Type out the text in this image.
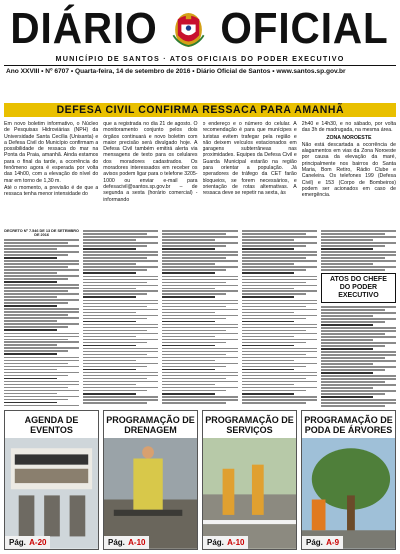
DIÁRIO OFICIAL
MUNICÍPIO DE SANTOS · ATOS OFICIAIS DO PODER EXECUTIVO
Ano XXVIII • Nº 6707 • Quarta-feira, 14 de setembro de 2016 • Diário Oficial de Santos • www.santos.sp.gov.br
DEFESA CIVIL CONFIRMA RESSACA PARA AMANHÃ

Em novo boletim informativo, o Núcleo de Pesquisas Hidroviárias (NPH) da Universidade Santa Cecília (Unisanta) e a Defesa Civil do Município confirmam a possibilidade de ressaca do mar na Ponta da Praia, amanhã. Ainda estamos para o final da tarde, a ocorrência do fenômeno agora é esperada por volta das 14h00, com a elevação do nível do mar em torno de 1,30 m.

Até o momento, a previsão é de que a ressaca tenha menor intensidade do

que a registrada no dia 21 de agosto. O monitoramento conjunto pelos dois órgãos continuará e novo boletim com maior precisão será divulgado hoje. A Defesa Civil também emitirá alerta via mensagens de texto para os celulares dos moradores cadastrados. Os moradores interessados em receber os avisos podem ligar para o telefone 3205-1000 ou enviar e-mail para defesacivil@santos.sp.gov.br – de segunda a sexta (horário comercial) - informando

o endereço e o número do celular. A recomendação é para que munícipes e turistas evitem trafegar pela região e não deixem veículos estacionados em garagens subterrâneas nas proximidades. Equipes da Defesa Civil e Guarda Municipal estarão na região para orientar a população. Já operadores de tráfego da CET farão bloqueios, se forem necessários, e orientação de rotas alternativas. A ressaca deve se repetir na sexta, às

2h40 e 14h30, e no sábado, por volta das 3h de madrugada, na mesma área.

ZONA NOROESTE

Não está descartada a ocorrência de alagamentos em vias da Zona Noroeste por causa da elevação da maré, principalmente nos bairros do Santa Maria, Bom Retiro, Rádio Clube e Caneleira. Os telefones 199 (Defesa Civil) e 153 (Corpo de Bombeiros) podem ser acionados em caso de emergência.

DECRETO Nº 7.546 DE 13 DE SETEMBRO DE 2016
ATOS DO CHEFE DO PODER EXECUTIVO
AGENDA DE EVENTOS
Pág.
A-20
PROGRAMAÇÃO DE DRENAGEM
Pág.
A-10
PROGRAMAÇÃO DE SERVIÇOS
Pág.
A-10
PROGRAMAÇÃO DE PODA DE ÁRVORES
Pág.
A-9
